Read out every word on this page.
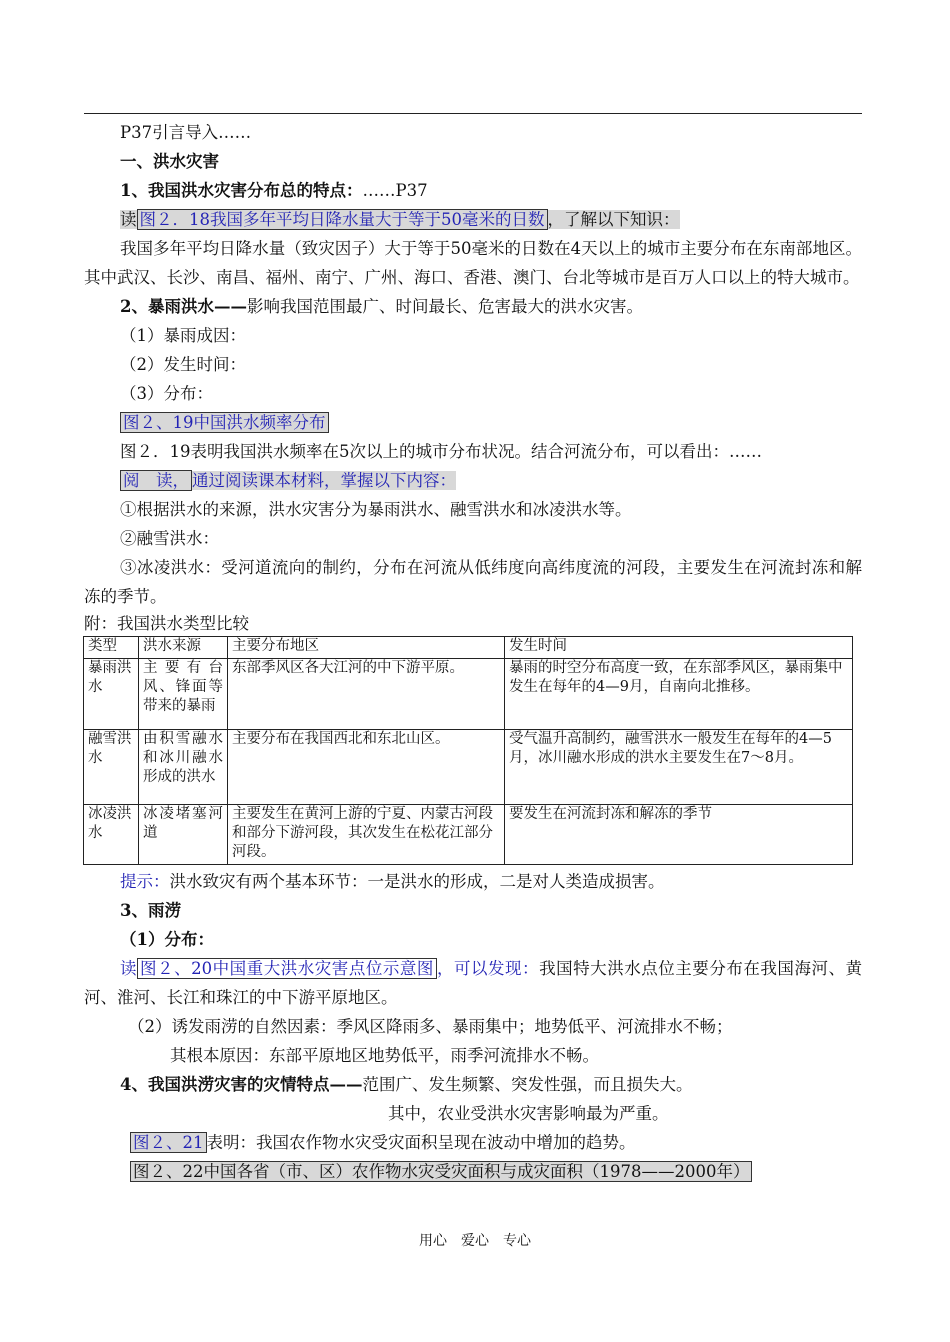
P37引言导入……

一、洪水灾害

1、我国洪水灾害分布总的特点：……P37

读 图２．18我国多年平均日降水量大于等于50毫米的日数 ，了解以下知识：

我国多年平均日降水量（致灾因子）大于等于50毫米的日数在4天以上的城市主要分布在东南部地区。其中武汉、长沙、南昌、福州、南宁、广州、海口、香港、澳门、台北等城市是百万人口以上的特大城市。

2、暴雨洪水——影响我国范围最广、时间最长、危害最大的洪水灾害。

（1）暴雨成因：

（2）发生时间：

（3）分布：

图２、19中国洪水频率分布

图２．19表明我国洪水频率在5次以上的城市分布状况。结合河流分布，可以看出：……

阅　读， 通过阅读课本材料，掌握以下内容：

①根据洪水的来源，洪水灾害分为暴雨洪水、融雪洪水和冰凌洪水等。

②融雪洪水：

③冰凌洪水：受河道流向的制约，分布在河流从低纬度向高纬度流的河段，主要发生在河流封冻和解冻的季节。

附：我国洪水类型比较

类型	洪水来源	主要分布地区	发生时间
暴雨洪水	主要有台风、锋面等带来的暴雨	东部季风区各大江河的中下游平原。	暴雨的时空分布高度一致，在东部季风区，暴雨集中发生在每年的4—9月，自南向北推移。
融雪洪水	由积雪融水和冰川融水形成的洪水	主要分布在我国西北和东北山区。	受气温升高制约，融雪洪水一般发生在每年的4—5月，冰川融水形成的洪水主要发生在7～8月。
冰凌洪水	冰凌堵塞河道	主要发生在黄河上游的宁夏、内蒙古河段和部分下游河段，其次发生在松花江部分河段。	要发生在河流封冻和解冻的季节

提示：洪水致灾有两个基本环节：一是洪水的形成，二是对人类造成损害。

3、雨涝

（1）分布：

读 图２、20中国重大洪水灾害点位示意图 ，可以发现：我国特大洪水点位主要分布在我国海河、黄河、淮河、长江和珠江的中下游平原地区。

（2）诱发雨涝的自然因素：季风区降雨多、暴雨集中；地势低平、河流排水不畅；

其根本原因：东部平原地区地势低平，雨季河流排水不畅。

4、我国洪涝灾害的灾情特点——范围广、发生频繁、突发性强，而且损失大。

其中，农业受洪水灾害影响最为严重。

图２、21 表明：我国农作物水灾受灾面积呈现在波动中增加的趋势。

图２、22中国各省（市、区）农作物水灾受灾面积与成灾面积（1978——2000年）

用心　爱心　专心
